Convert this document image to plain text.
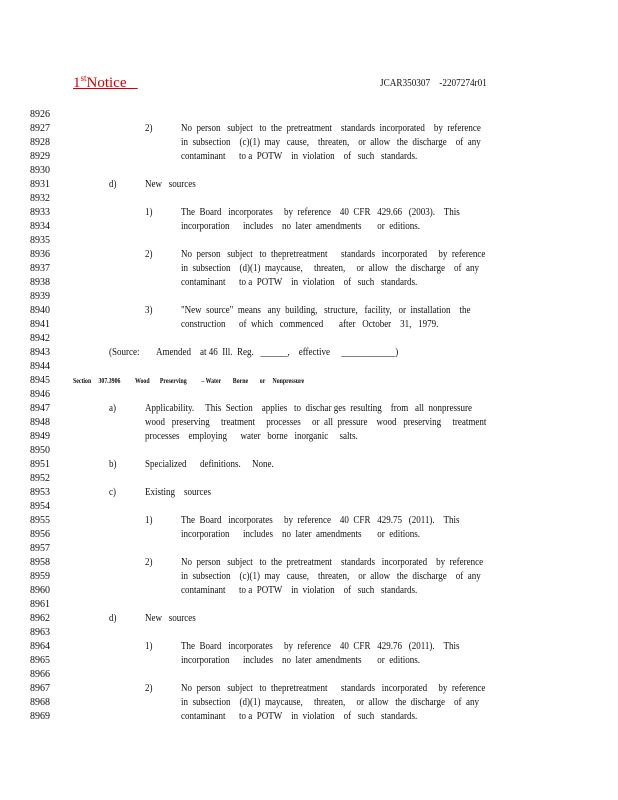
1stNotice	JCAR350307    -2207274r01
8926
8927
8928
8929
8930
8931
8932
8933
8934
8935
8936
8937
8938
8939
8940
8941
8942
8943
8944
8945
8946
8947
8948
8949
8950
8951
8952
8953
8954
8955
8956
8957
8958
8959
8960
8961
8962
8963
8964
8965
8966
8967
8968
8969
2)	No  person   subject   to  the  pretreatment    standards  incorporated    by  reference
in  subsection    (c)(1)  may   cause,    threaten,    or  allow   the  discharge    of  any
contaminant      to a  POTW    in  violation    of   such   standards.
d)	New   sources
1)	The  Board   incorporates     by  reference    40  CFR   429.66   (2003).    This
incorporation      includes    no  later  amendments       or  editions.
2)	No  person   subject   to  thepretreatment      standards   incorporated     by  reference
in  subsection    (d)(1)  maycause,     threaten,     or  allow   the  discharge    of  any
contaminant      to a  POTW    in  violation    of   such   standards.
3)	"New  source"  means   any  building,   structure,   facility,   or  installation    the
construction      of  which   commenced       after   October    31,   1979.
(Source: Amended    at 46  Ill.  Reg.   ______,    effective     ____________)
a)	Applicability.     This  Section    applies   to  dischar ges  resulting    from   all  nonpressure
wood   preserving     treatment     processes     or  all  pressure    wood   preserving     treatment
processes    employing      water   borne   inorganic     salts.
b)	Specialized      definitions.     None.
c)	Existing    sources
1)	The  Board   incorporates     by  reference    40  CFR   429.75   (2011).    This
incorporation      includes    no  later  amendments       or  editions.
2)	No  person   subject   to  the  pretreatment    standards   incorporated    by  reference
in  subsection    (c)(1)  may   cause,    threaten,    or  allow   the  discharge    of  any
contaminant      to a  POTW    in  violation    of   such   standards.
d)	New   sources
1)	The  Board   incorporates     by  reference    40  CFR   429.76   (2011).    This
incorporation      includes    no  later  amendments       or  editions.
2)	No  person   subject   to  thepretreatment      standards   incorporated     by  reference
in  subsection    (d)(1)  maycause,     threaten,     or  allow   the  discharge    of  any
contaminant      to a  POTW    in  violation    of   such   standards.
Section     307.3906          Wood       Preserving          – Water        Borne        or     Nonpressure
